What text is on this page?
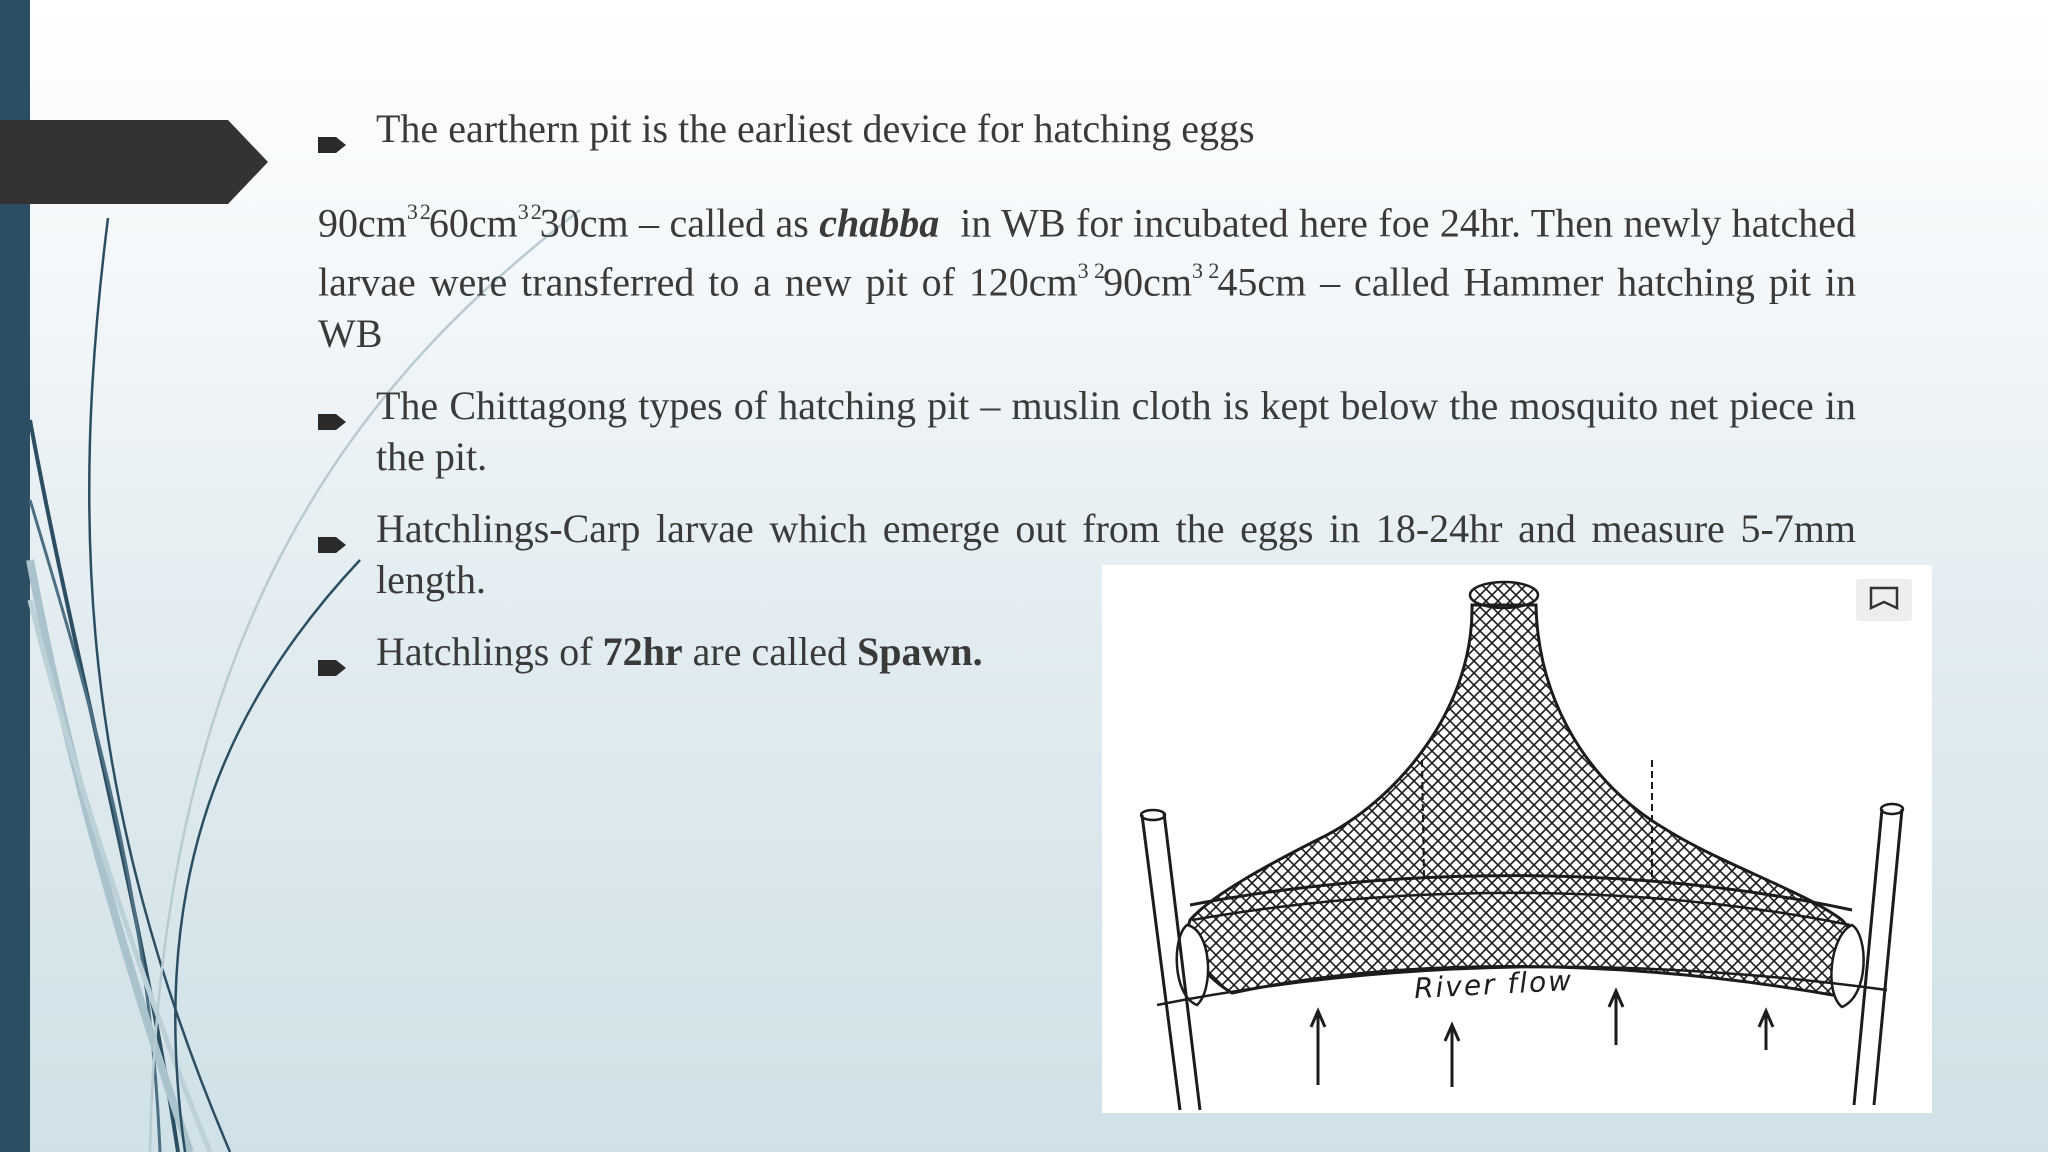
The earthern pit is the earliest device for hatching eggs

$90cm^{3 2}60cm^{3 2}30cm$ – called as chabba in WB for incubated here foe 24hr. Then newly hatched larvae were transferred to a new pit of $120cm^{3 2}90cm^{3 2}45cm$ – called Hammer hatching pit in WB

The Chittagong types of hatching pit – muslin cloth is kept below the mosquito net piece in the pit.
Hatchlings-Carp larvae which emerge out from the eggs in 18-24hr and measure 5-7mm length.
Hatchlings of 72hr are called Spawn.
River flow
